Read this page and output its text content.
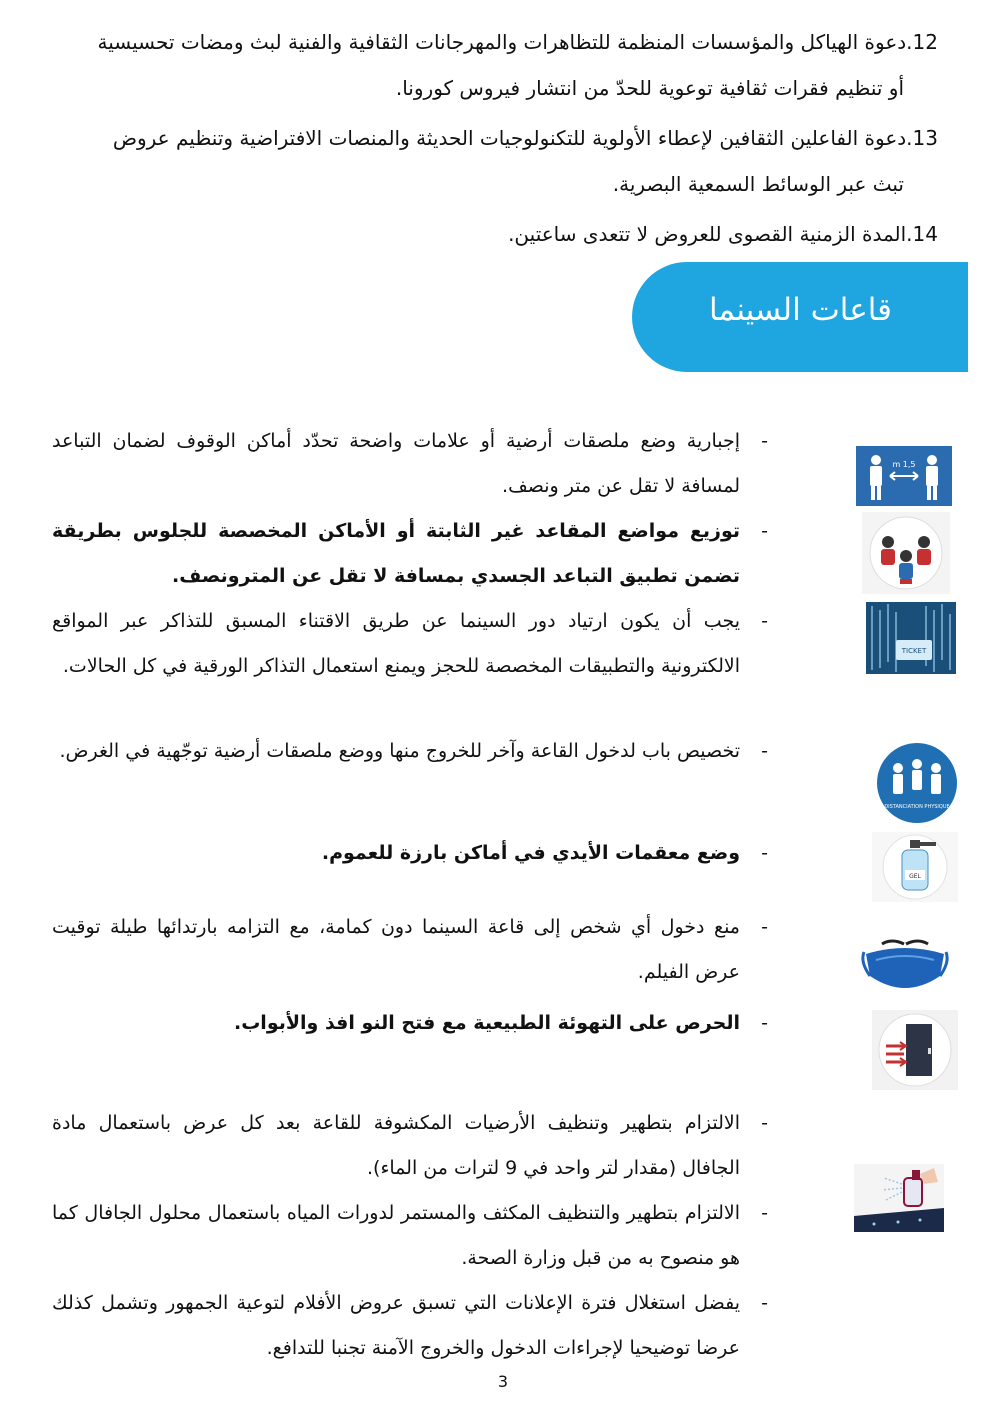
12.دعوة الهياكل والمؤسسات المنظمة للتظاهرات والمهرجانات الثقافية والفنية لبث ومضات تحسيسية
أو تنظيم فقرات ثقافية توعوية للحدّ من انتشار فيروس كورونا.

13.دعوة الفاعلين الثقافين لإعطاء الأولوية للتكنولوجيات الحديثة والمنصات الافتراضية وتنظيم عروض
تبث عبر الوسائط السمعية البصرية.

14.المدة الزمنية القصوى للعروض لا تتعدى ساعتين.

قاعات السينما

- إجبارية وضع ملصقات أرضية أو علامات واضحة تحدّد أماكن الوقوف لضمان التباعد لمسافة لا تقل عن متر ونصف.

- توزيع مواضع المقاعد غير الثابتة أو الأماكن المخصصة للجلوس بطريقة تضمن تطبيق التباعد الجسدي بمسافة لا تقل عن المترونصف.

- يجب أن يكون ارتياد دور السينما عن طريق الاقتناء المسبق للتذاكر عبر المواقع الالكترونية والتطبيقات المخصصة للحجز ويمنع استعمال التذاكر الورقية في كل الحالات.

- تخصيص باب لدخول القاعة وآخر للخروج منها ووضع ملصقات أرضية توجّهية في الغرض.

- وضع معقمات الأيدي في أماكن بارزة للعموم.

- منع دخول أي شخص إلى قاعة السينما دون كمامة، مع التزامه بارتدائها طيلة توقيت عرض الفيلم.

- الحرص على التهوئة الطبيعية مع فتح النو افذ والأبواب.

- الالتزام بتطهير وتنظيف الأرضيات المكشوفة للقاعة بعد كل عرض باستعمال مادة الجافال (مقدار لتر واحد في 9 لترات من الماء).

- الالتزام بتطهير والتنظيف المكثف والمستمر لدورات المياه باستعمال محلول الجافال كما هو منصوح به من قبل وزارة الصحة.

- يفضل استغلال فترة الإعلانات التي تسبق عروض الأفلام لتوعية الجمهور وتشمل كذلك عرضا توضيحيا لإجراءات الدخول والخروج الآمنة تجنبا للتدافع.

1,5 m
TICKET
DISTANCIATION PHYSIQUE
GEL
3
